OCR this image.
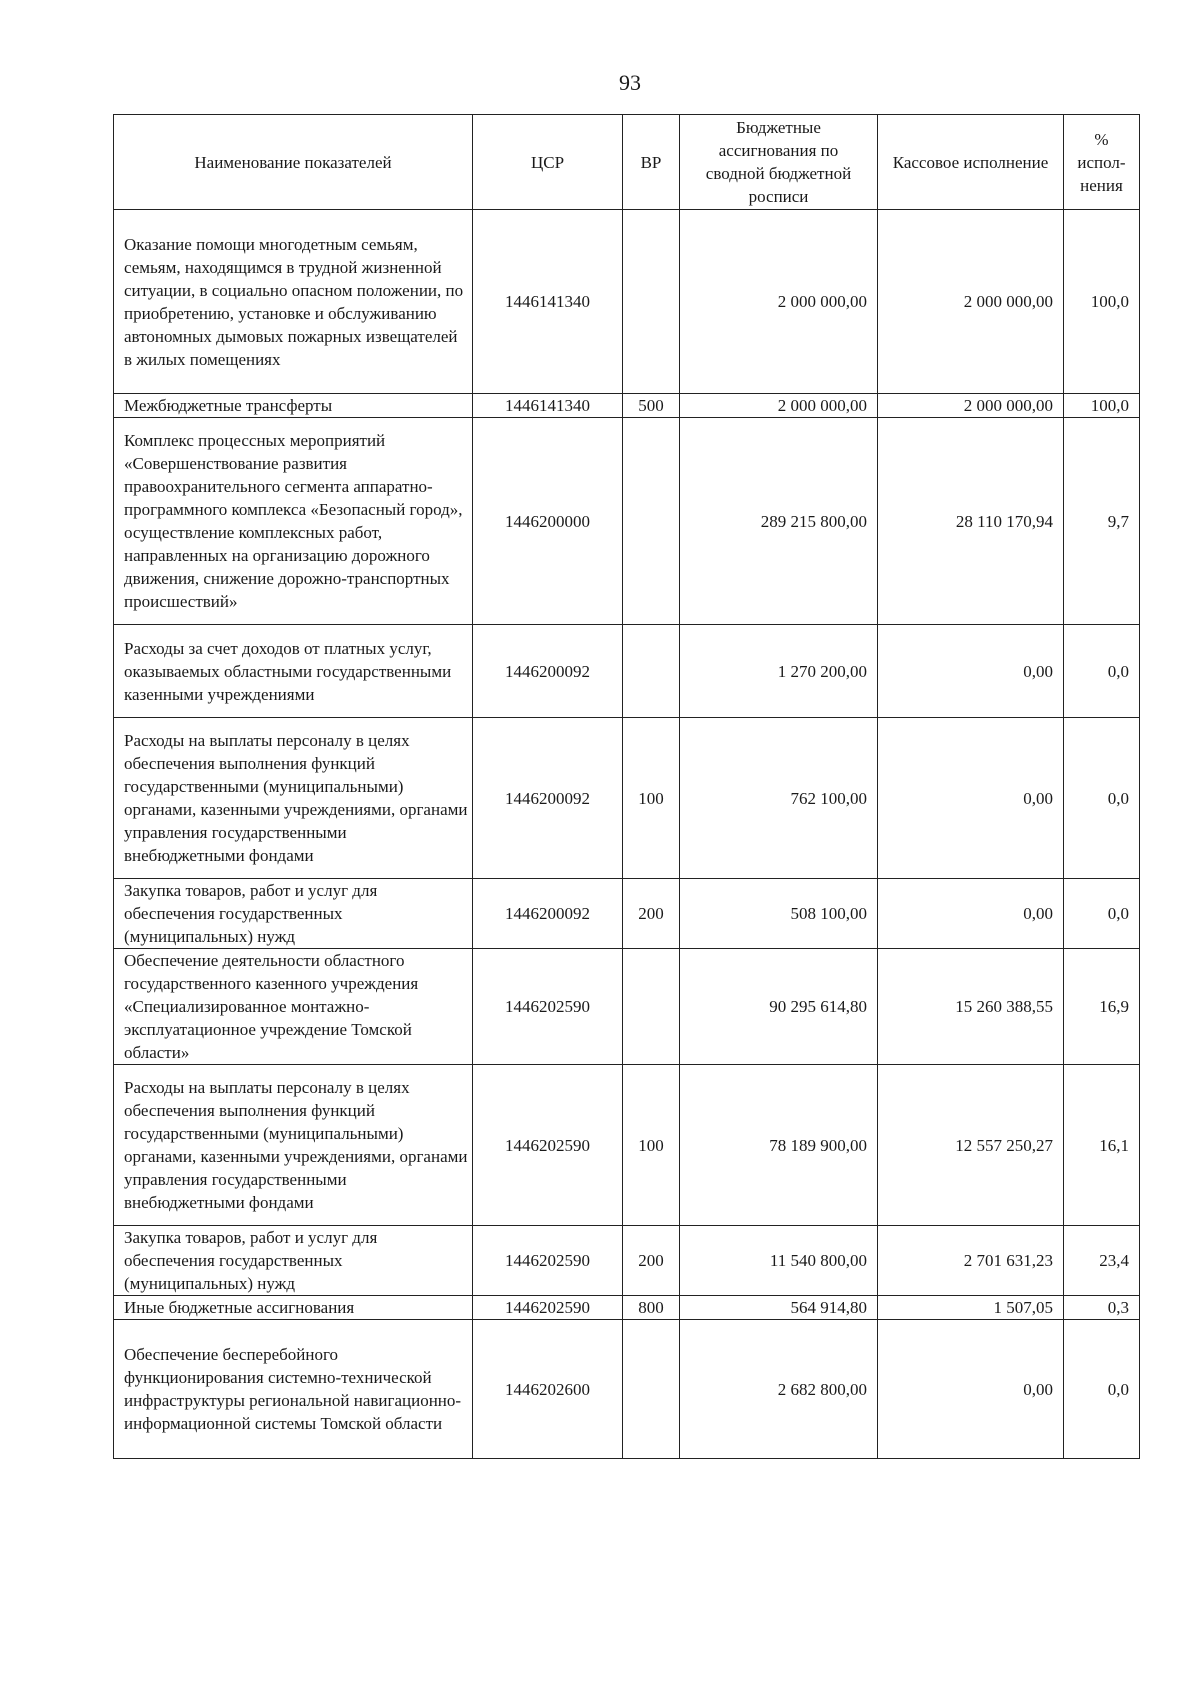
93
Наименование показателей	ЦСР	ВР	Бюджетные ассигнования по сводной бюджетной росписи	Кассовое исполнение	% испол-нения
Оказание помощи многодетным семьям, семьям, находящимся в трудной жизненной ситуации, в социально опасном положении, по приобретению, установке и обслуживанию автономных дымовых пожарных извещателей в жилых помещениях	1446141340		2 000 000,00	2 000 000,00	100,0
Межбюджетные трансферты	1446141340	500	2 000 000,00	2 000 000,00	100,0
Комплекс процессных мероприятий «Совершенствование развития правоохранительного сегмента аппаратно-программного комплекса «Безопасный город», осуществление комплексных работ, направленных на организацию дорожного движения, снижение дорожно-транспортных происшествий»	1446200000		289 215 800,00	28 110 170,94	9,7
Расходы за счет доходов от платных услуг, оказываемых областными государственными казенными учреждениями	1446200092		1 270 200,00	0,00	0,0
Расходы на выплаты персоналу в целях обеспечения выполнения функций государственными (муниципальными) органами, казенными учреждениями, органами управления государственными внебюджетными фондами	1446200092	100	762 100,00	0,00	0,0
Закупка товаров, работ и услуг для обеспечения государственных (муниципальных) нужд	1446200092	200	508 100,00	0,00	0,0
Обеспечение деятельности областного государственного казенного учреждения «Специализированное монтажно-эксплуатационное учреждение Томской области»	1446202590		90 295 614,80	15 260 388,55	16,9
Расходы на выплаты персоналу в целях обеспечения выполнения функций государственными (муниципальными) органами, казенными учреждениями, органами управления государственными внебюджетными фондами	1446202590	100	78 189 900,00	12 557 250,27	16,1
Закупка товаров, работ и услуг для обеспечения государственных (муниципальных) нужд	1446202590	200	11 540 800,00	2 701 631,23	23,4
Иные бюджетные ассигнования	1446202590	800	564 914,80	1 507,05	0,3
Обеспечение бесперебойного функционирования системно-технической инфраструктуры региональной навигационно-информационной системы Томской области	1446202600		2 682 800,00	0,00	0,0
